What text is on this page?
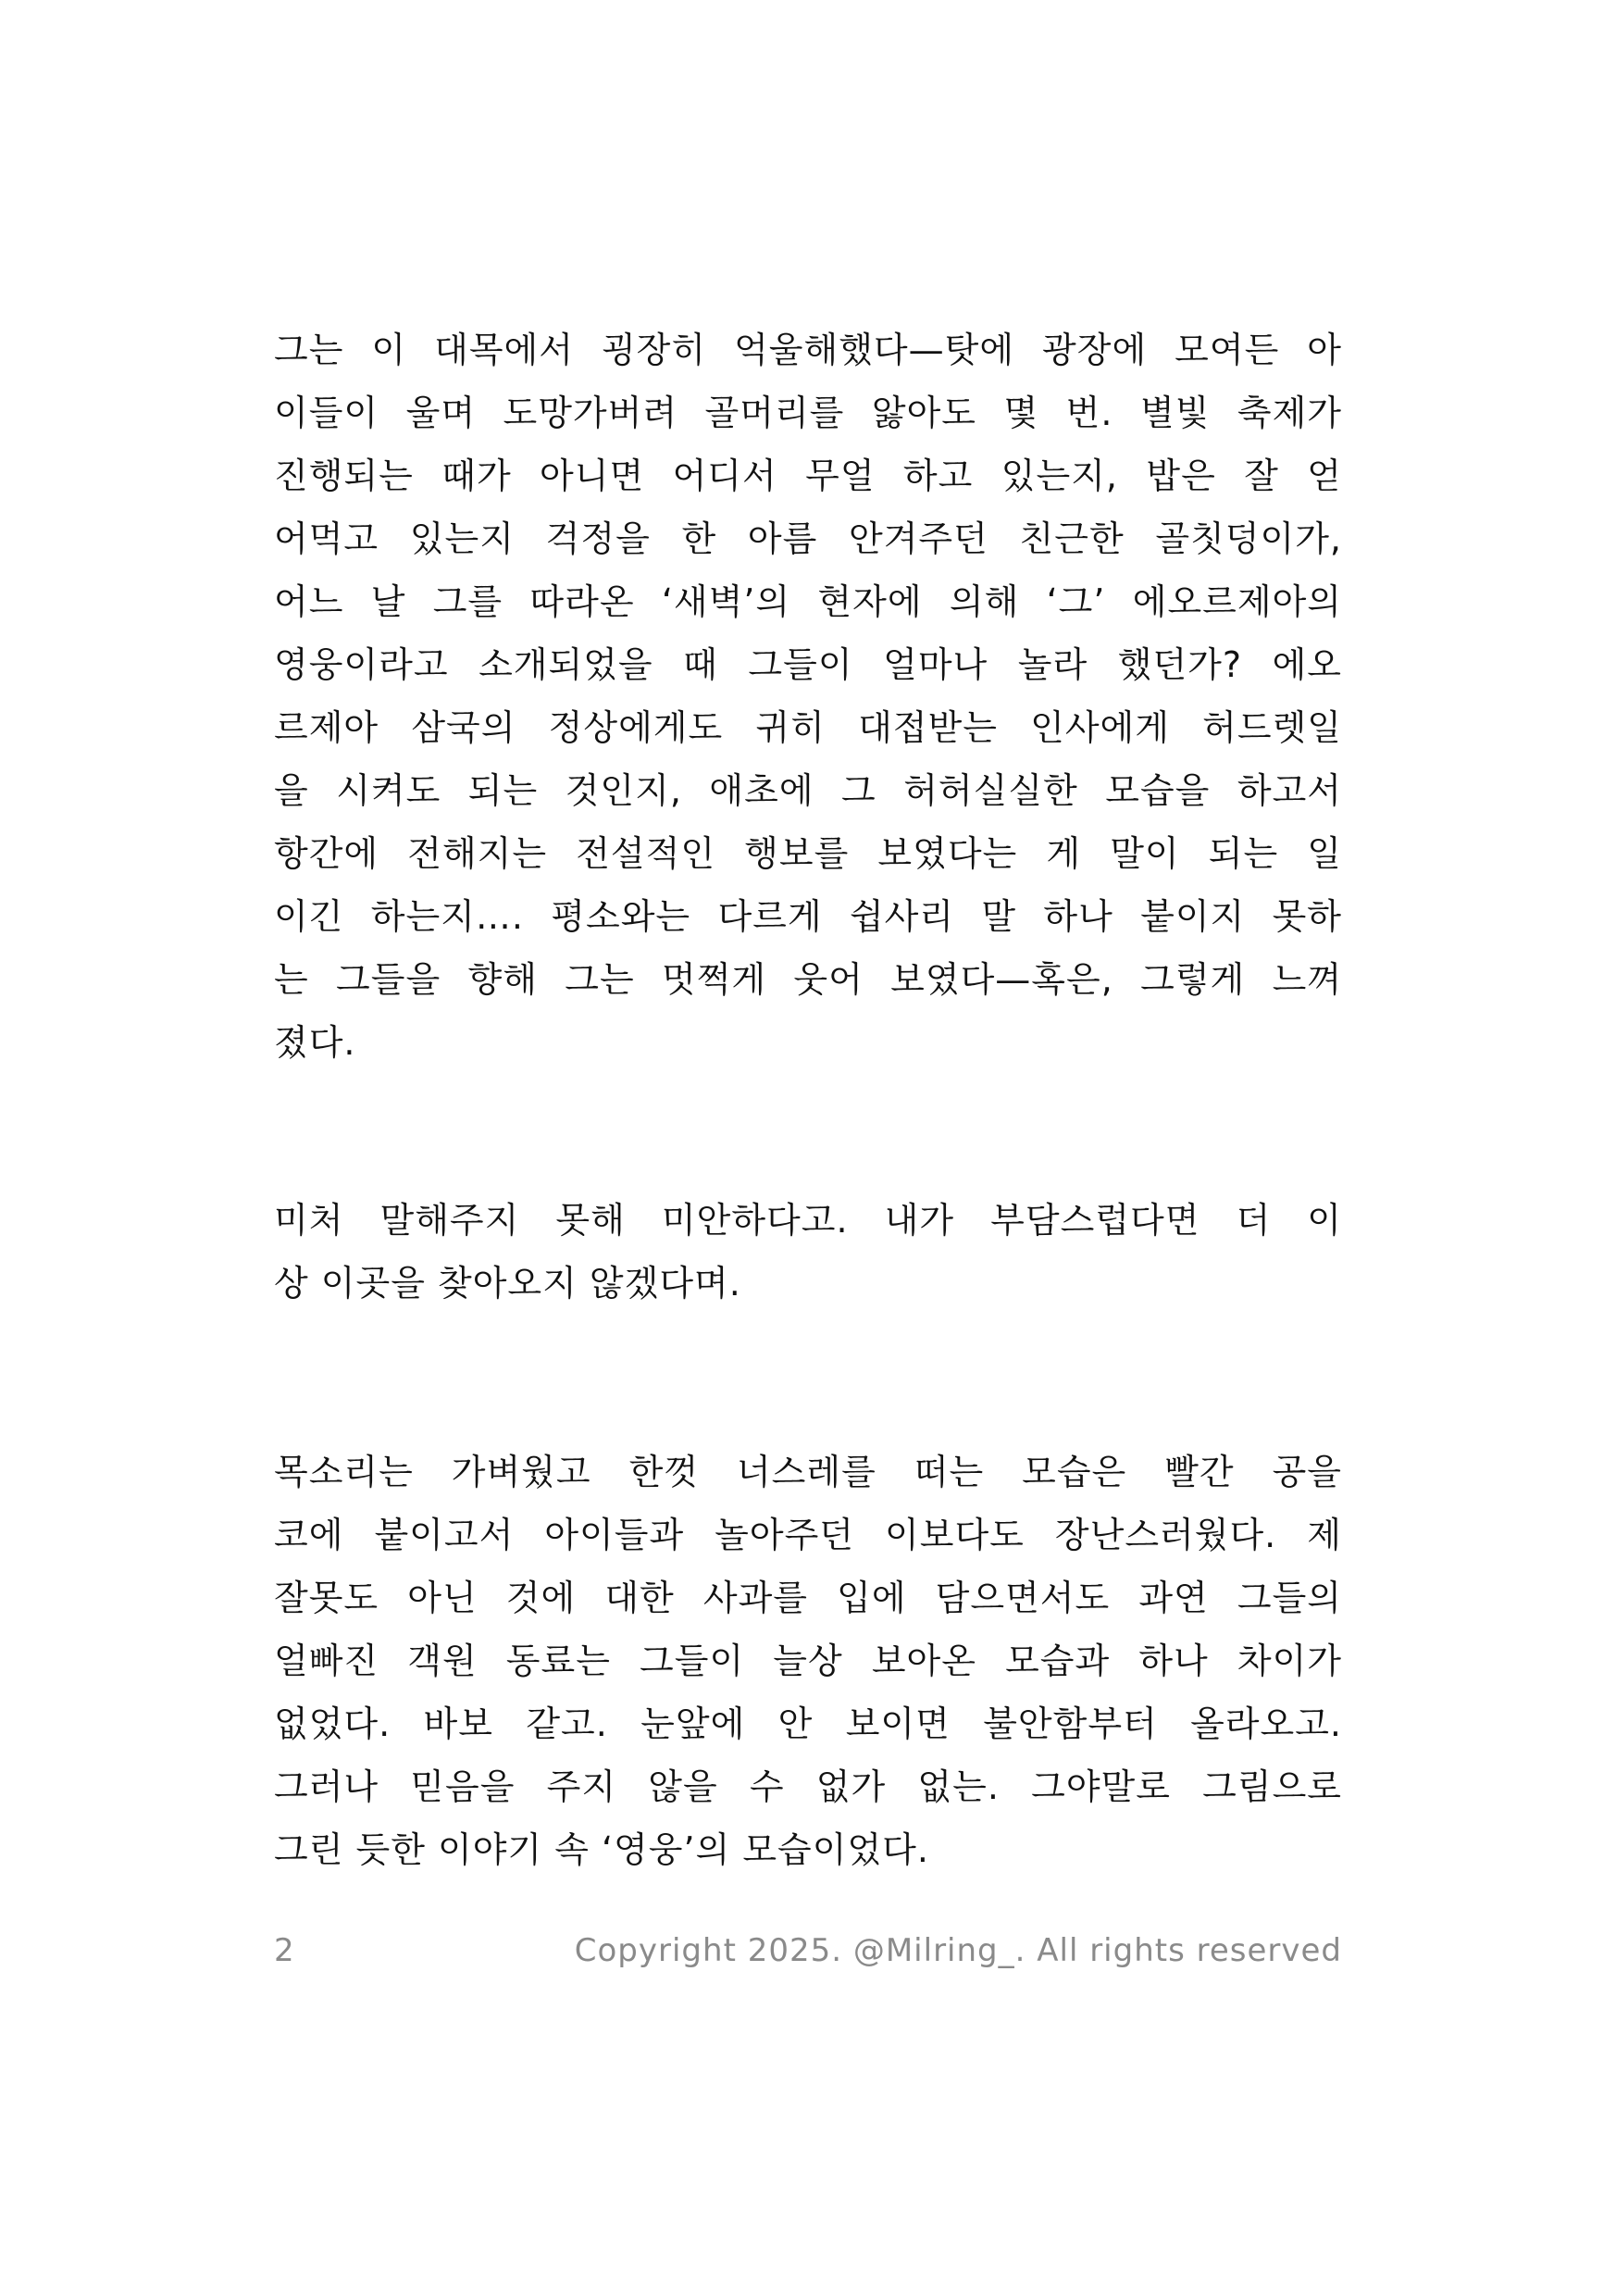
그는 이 대목에서 굉장히 억울해했다—탓에 광장에 모여든 아
이들이 울며 도망가버려 골머리를 앓아도 몇 번. 별빛 축제가
진행되는 때가 아니면 어디서 무얼 하고 있는지, 밥은 잘 얻
어먹고 있는지 걱정을 한 아름 안겨주던 친근한 골칫덩이가,
어느 날 그를 따라온 ‘새벽’의 현자에 의해 ‘그’ 에오르제아의
영웅이라고 소개되었을 때 그들이 얼마나 놀라 했던가? 에오
르제아 삼국의 정상에게도 귀히 대접받는 인사에게 허드렛일
을 시켜도 되는 것인지, 애초에 그 허허실실한 모습을 하고서
항간에 전해지는 전설적인 행보를 보였다는 게 말이 되는 일
이긴 하는지…. 평소와는 다르게 쉽사리 말 하나 붙이지 못하
는 그들을 향해 그는 멋쩍게 웃어 보였다—혹은, 그렇게 느껴
졌다.
미처 말해주지 못해 미안하다고. 내가 부담스럽다면 더 이
상 이곳을 찾아오지 않겠다며.
목소리는 가벼웠고 한껏 너스레를 떠는 모습은 빨간 공을
코에 붙이고서 아이들과 놀아주던 이보다도 장난스러웠다. 제
잘못도 아닌 것에 대한 사과를 입에 담으면서도 과연 그들의
얼빠진 객원 동료는 그들이 늘상 보아온 모습과 하나 차이가
없었다. 바보 같고. 눈앞에 안 보이면 불안함부터 올라오고.
그러나 믿음을 주지 않을 수 없가 없는. 그야말로 그림으로
그린 듯한 이야기 속 ‘영웅’의 모습이었다.
2	Copyright 2025. @Milring_. All rights reserved
